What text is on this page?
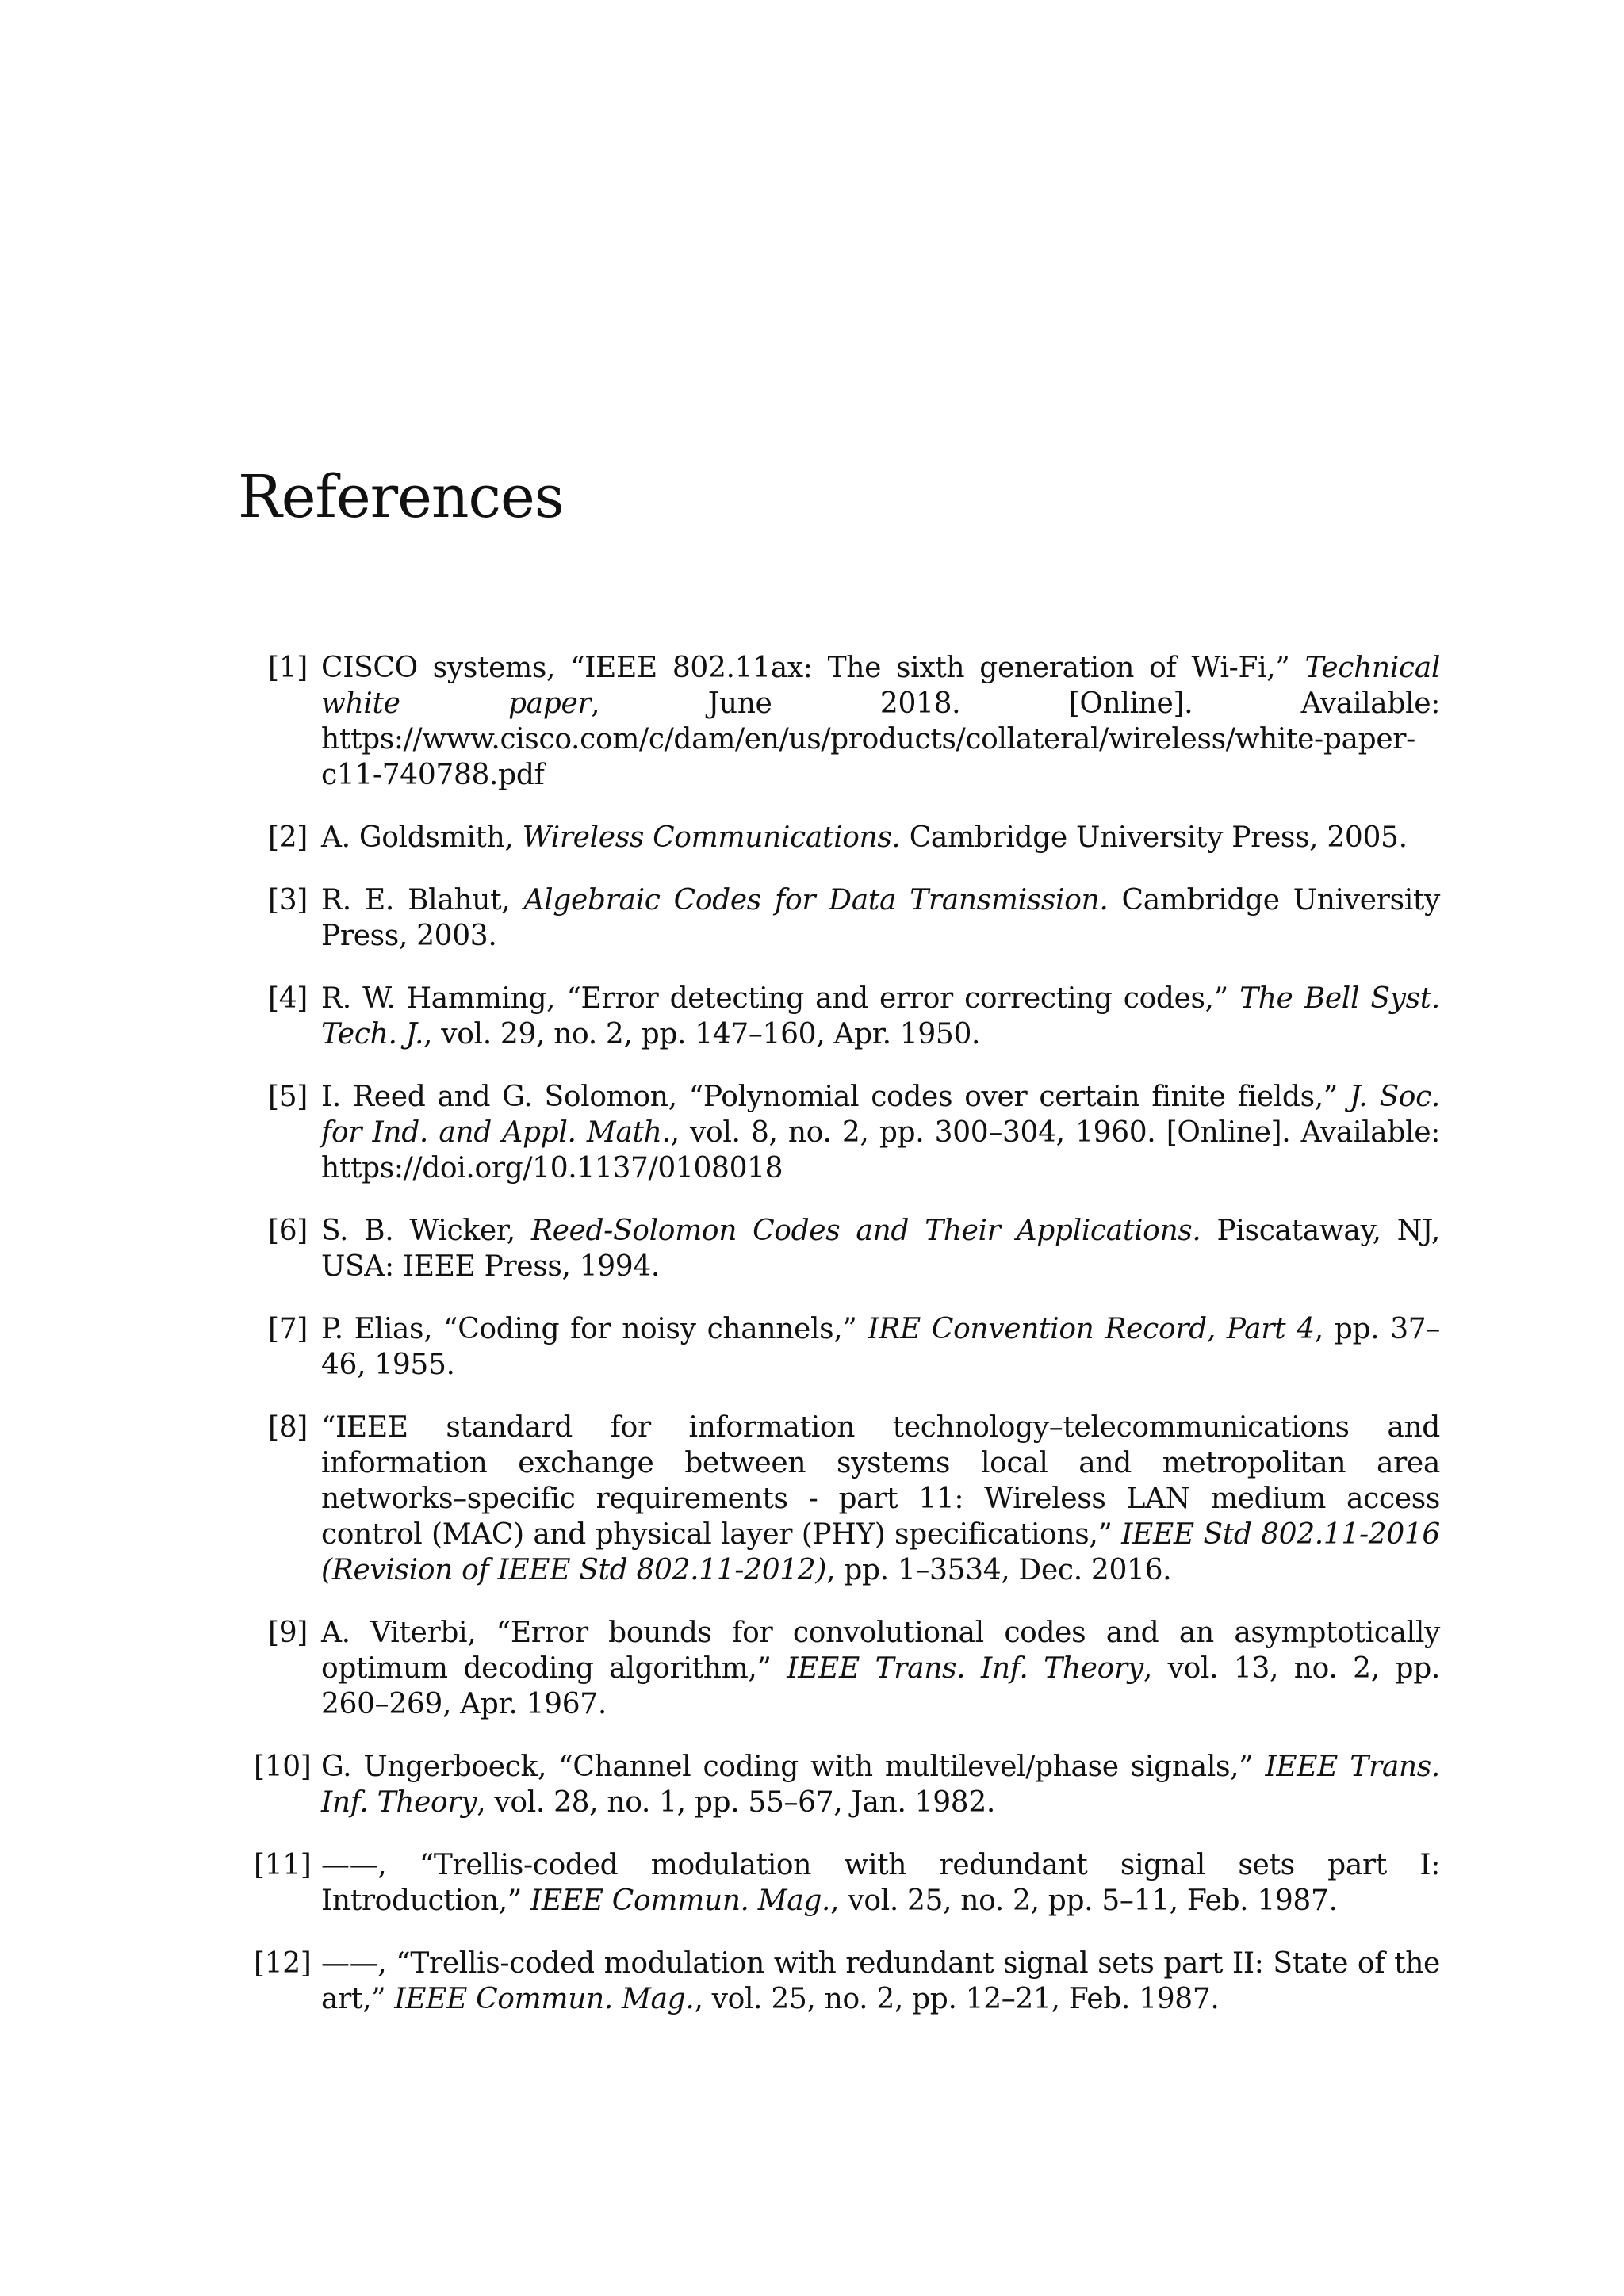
References
[1] CISCO systems, “IEEE 802.11ax: The sixth generation of Wi-Fi,” Technical white paper, June 2018. [Online]. Available: https://www.cisco.com/c/dam/en/us/products/collateral/wireless/white-paper-c11-740788.pdf
[2] A. Goldsmith, Wireless Communications. Cambridge University Press, 2005.
[3] R. E. Blahut, Algebraic Codes for Data Transmission. Cambridge University Press, 2003.
[4] R. W. Hamming, “Error detecting and error correcting codes,” The Bell Syst. Tech. J., vol. 29, no. 2, pp. 147–160, Apr. 1950.
[5] I. Reed and G. Solomon, “Polynomial codes over certain finite fields,” J. Soc. for Ind. and Appl. Math., vol. 8, no. 2, pp. 300–304, 1960. [Online]. Available: https://doi.org/10.1137/0108018
[6] S. B. Wicker, Reed-Solomon Codes and Their Applications. Piscataway, NJ, USA: IEEE Press, 1994.
[7] P. Elias, “Coding for noisy channels,” IRE Convention Record, Part 4, pp. 37–46, 1955.
[8] “IEEE standard for information technology–telecommunications and information exchange between systems local and metropolitan area networks–specific requirements - part 11: Wireless LAN medium access control (MAC) and physical layer (PHY) specifications,” IEEE Std 802.11-2016 (Revision of IEEE Std 802.11-2012), pp. 1–3534, Dec. 2016.
[9] A. Viterbi, “Error bounds for convolutional codes and an asymptotically optimum decoding algorithm,” IEEE Trans. Inf. Theory, vol. 13, no. 2, pp. 260–269, Apr. 1967.
[10] G. Ungerboeck, “Channel coding with multilevel/phase signals,” IEEE Trans. Inf. Theory, vol. 28, no. 1, pp. 55–67, Jan. 1982.
[11] ——, “Trellis-coded modulation with redundant signal sets part I: Introduction,” IEEE Commun. Mag., vol. 25, no. 2, pp. 5–11, Feb. 1987.
[12] ——, “Trellis-coded modulation with redundant signal sets part II: State of the art,” IEEE Commun. Mag., vol. 25, no. 2, pp. 12–21, Feb. 1987.
